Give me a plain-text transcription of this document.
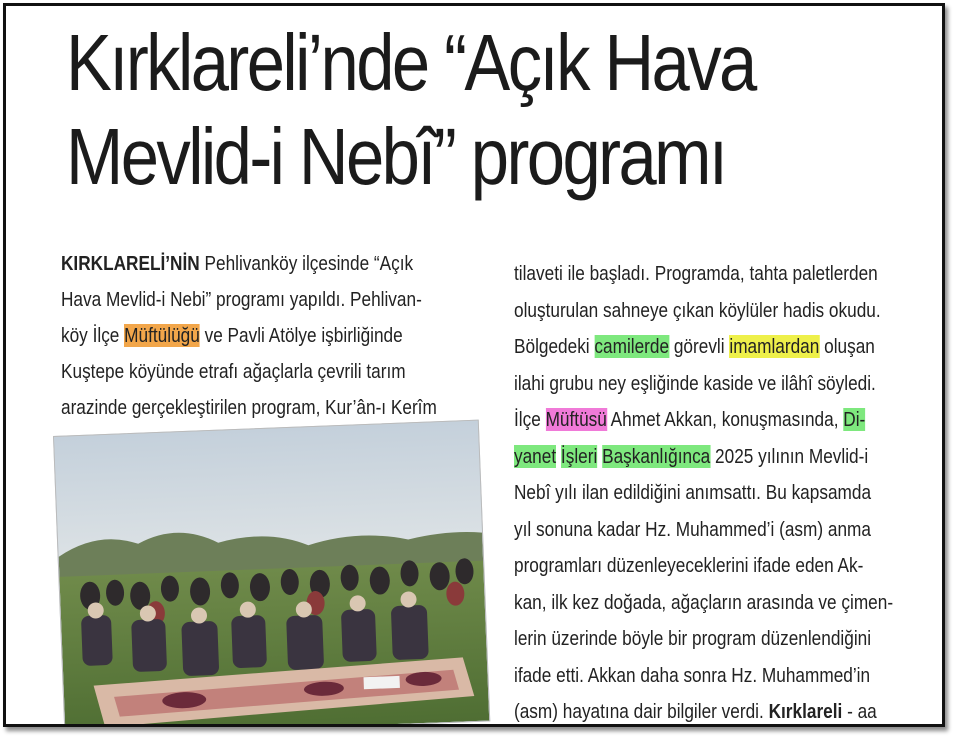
Kırklareli’nde “Açık Hava
Mevlid-i Nebî” programı
KIRKLARELİ’NİN Pehlivanköy ilçesinde “Açık
Hava Mevlid-i Nebi” programı yapıldı. Pehlivan-
köy İlçe Müftülüğü ve Pavli Atölye işbirliğinde
Kuştepe köyünde etrafı ağaçlarla çevrili tarım
arazinde gerçekleştirilen program, Kur’ân-ı Kerîm
tilaveti ile başladı. Programda, tahta paletlerden
oluşturulan sahneye çıkan köylüler hadis okudu.
Bölgedeki camilerde görevli imamlardan oluşan
ilahi grubu ney eşliğinde kaside ve ilâhî söyledi.
İlçe Müftüsü Ahmet Akkan, konuşmasında, Di-
yanet İşleri Başkanlığınca 2025 yılının Mevlid-i
Nebî yılı ilan edildiğini anımsattı. Bu kapsamda
yıl sonuna kadar Hz. Muhammed’i (asm) anma
programları düzenleyeceklerini ifade eden Ak-
kan, ilk kez doğada, ağaçların arasında ve çimen-
lerin üzerinde böyle bir program düzenlendiğini
ifade etti. Akkan daha sonra Hz. Muhammed’in
(asm) hayatına dair bilgiler verdi. Kırklareli - aa
